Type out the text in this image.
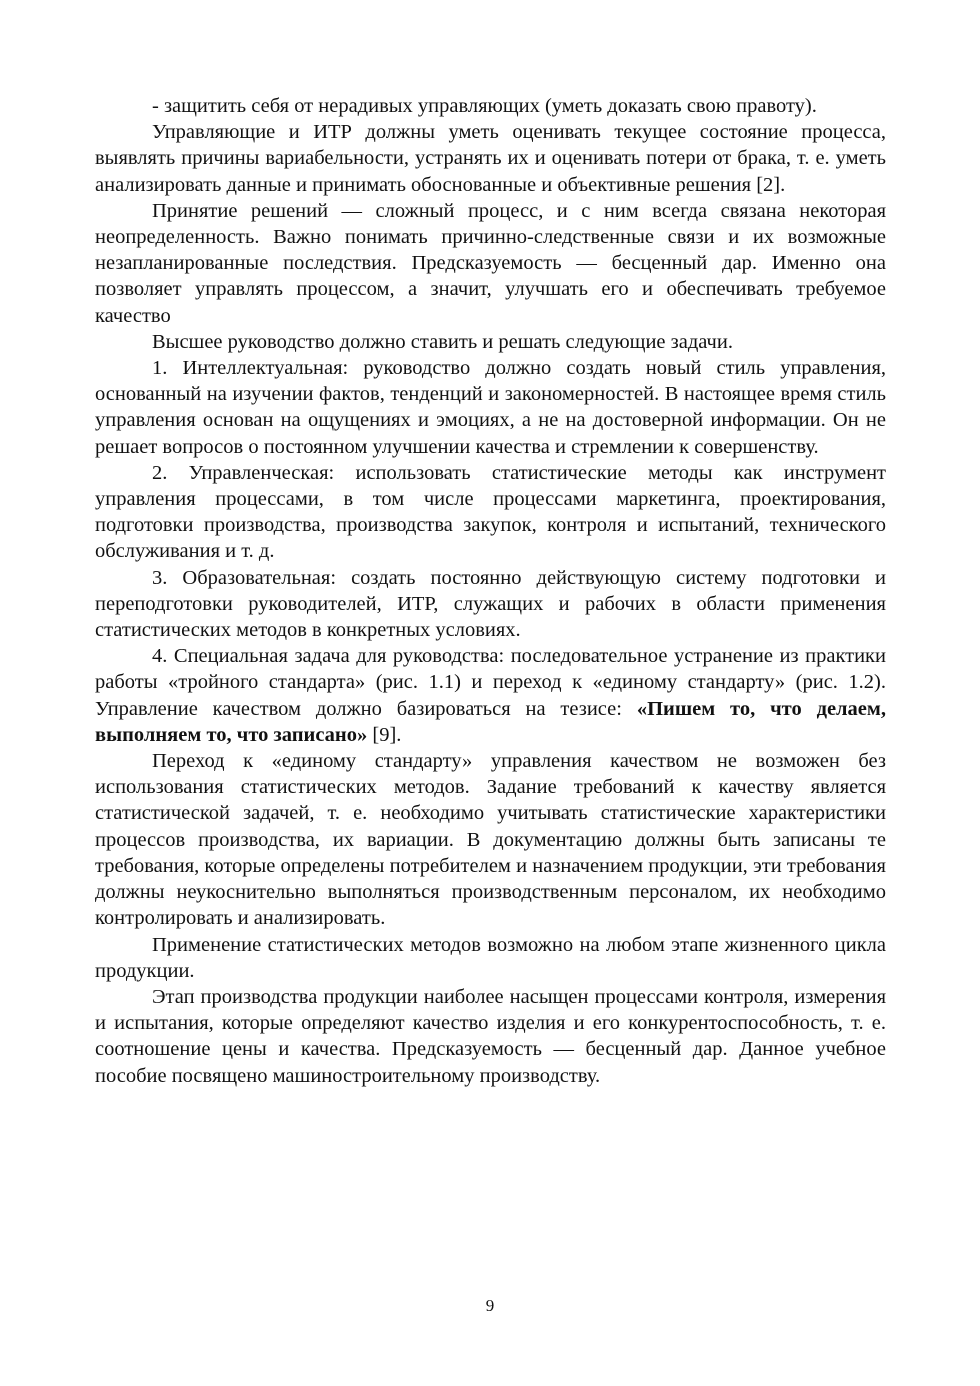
- защитить себя от нерадивых управляющих (уметь доказать свою правоту).

Управляющие и ИТР должны уметь оценивать текущее состояние процесса, выявлять причины вариабельности, устранять их и оценивать потери от брака, т. е. уметь анализировать данные и принимать обоснованные и объективные решения [2].

Принятие решений — сложный процесс, и с ним всегда связана некоторая неопределенность. Важно понимать причинно-следственные связи и их возможные незапланированные последствия. Предсказуемость — бесценный дар. Именно она позволяет управлять процессом, а значит, улучшать его и обеспечивать требуемое качество

Высшее руководство должно ставить и решать следующие задачи.

1. Интеллектуальная: руководство должно создать новый стиль управления, основанный на изучении фактов, тенденций и закономерностей. В настоящее время стиль управления основан на ощущениях и эмоциях, а не на достоверной информации. Он не решает вопросов о постоянном улучшении качества и стремлении к совершенству.

2. Управленческая: использовать статистические методы как инструмент управления процессами, в том числе процессами маркетинга, проектирования, подготовки производства, производства закупок, контроля и испытаний, технического обслуживания и т. д.

3. Образовательная: создать постоянно действующую систему подготовки и переподготовки руководителей, ИТР, служащих и рабочих в области применения статистических методов в конкретных условиях.

4. Специальная задача для руководства: последовательное устранение из практики работы «тройного стандарта» (рис. 1.1) и переход к «единому стандарту» (рис. 1.2). Управление качеством должно базироваться на тезисе: «Пишем то, что делаем, выполняем то, что записано» [9].

Переход к «единому стандарту» управления качеством не возможен без использования статистических методов. Задание требований к качеству является статистической задачей, т. е. необходимо учитывать статистические характеристики процессов производства, их вариации. В документацию должны быть записаны те требования, которые определены потребителем и назначением продукции, эти требования должны неукоснительно выполняться производственным персоналом, их необходимо контролировать и анализировать.

Применение статистических методов возможно на любом этапе жизненного цикла продукции.

Этап производства продукции наиболее насыщен процессами контроля, измерения и испытания, которые определяют качество изделия и его конкурентоспособность, т. е. соотношение цены и качества. Предсказуемость — бесценный дар. Данное учебное пособие посвящено машиностроительному производству.

9
